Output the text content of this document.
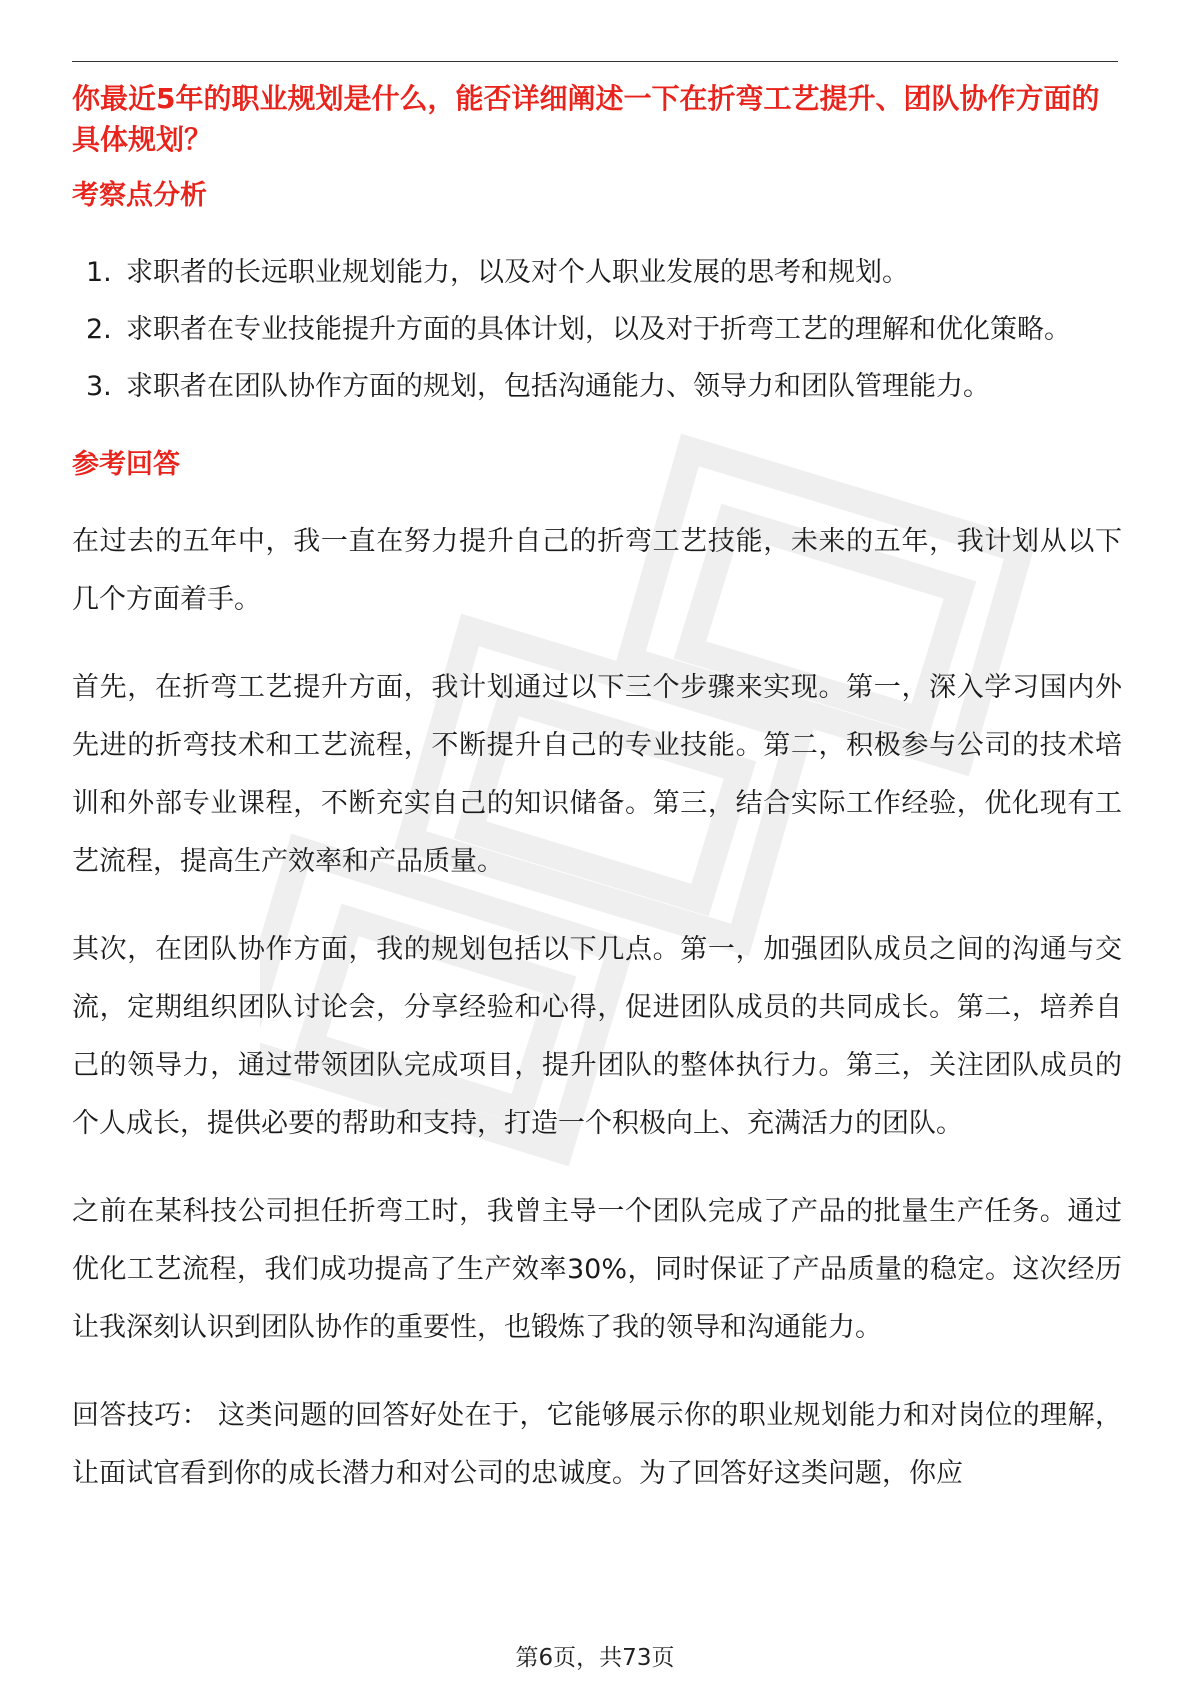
你最近5年的职业规划是什么，能否详细阐述一下在折弯工艺提升、团队协作方面的具体规划？

考察点分析
1. 求职者的长远职业规划能力，以及对个人职业发展的思考和规划。
2. 求职者在专业技能提升方面的具体计划，以及对于折弯工艺的理解和优化策略。
3. 求职者在团队协作方面的规划，包括沟通能力、领导力和团队管理能力。
参考回答

在过去的五年中，我一直在努力提升自己的折弯工艺技能，未来的五年，我计划从以下几个方面着手。

首先，在折弯工艺提升方面，我计划通过以下三个步骤来实现。第一，深入学习国内外先进的折弯技术和工艺流程，不断提升自己的专业技能。第二，积极参与公司的技术培训和外部专业课程，不断充实自己的知识储备。第三，结合实际工作经验，优化现有工艺流程，提高生产效率和产品质量。

其次，在团队协作方面，我的规划包括以下几点。第一，加强团队成员之间的沟通与交流，定期组织团队讨论会，分享经验和心得，促进团队成员的共同成长。第二，培养自己的领导力，通过带领团队完成项目，提升团队的整体执行力。第三，关注团队成员的个人成长，提供必要的帮助和支持，打造一个积极向上、充满活力的团队。

之前在某科技公司担任折弯工时，我曾主导一个团队完成了产品的批量生产任务。通过优化工艺流程，我们成功提高了生产效率30%，同时保证了产品质量的稳定。这次经历让我深刻认识到团队协作的重要性，也锻炼了我的领导和沟通能力。

回答技巧： 这类问题的回答好处在于，它能够展示你的职业规划能力和对岗位的理解，让面试官看到你的成长潜力和对公司的忠诚度。为了回答好这类问题，你应

第6页，共73页
